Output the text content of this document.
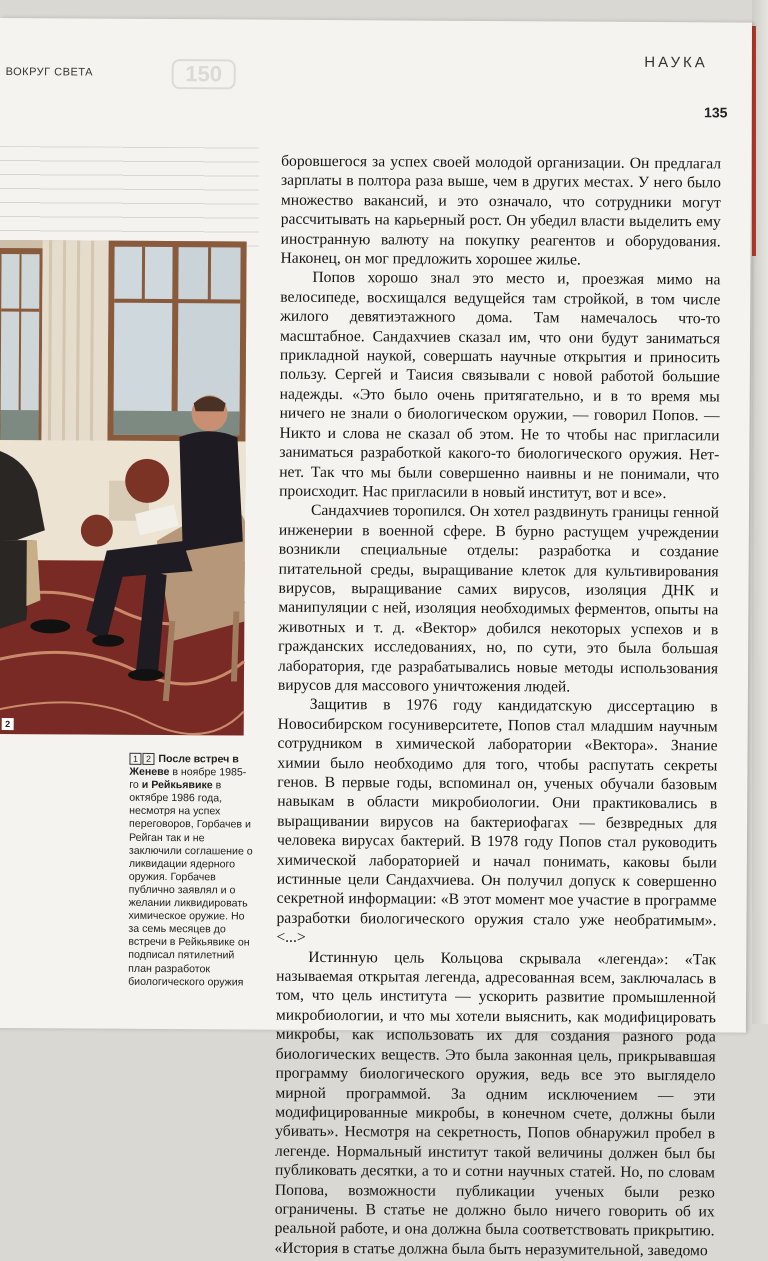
ВОКРУГ СВЕТА	150	НАУКА
135
2
1 2 После встреч в Женеве в ноябре 1985-го и Рейкьявике в октябре 1986 года, несмотря на успех переговоров, Горбачев и Рейган так и не заключили соглашение о ликвидации ядерного оружия. Горбачев публично заявлял и о желании ликвидировать химическое оружие. Но за семь месяцев до встречи в Рейкьявике он подписал пятилетний план разработок биологического оружия

боровшегося за успех своей молодой организации. Он предлагал зарплаты в полтора раза выше, чем в других местах. У него было множество вакансий, и это означало, что сотрудники могут рассчитывать на карьерный рост. Он убедил власти выделить ему иностранную валюту на покупку реагентов и оборудования. Наконец, он мог предложить хорошее жилье.

Попов хорошо знал это место и, проезжая мимо на велосипеде, восхищался ведущейся там стройкой, в том числе жилого девятиэтажного дома. Там намечалось что-то масштабное. Сандахчиев сказал им, что они будут заниматься прикладной наукой, совершать научные открытия и приносить пользу. Сергей и Таисия связывали с новой работой большие надежды. «Это было очень притягательно, и в то время мы ничего не знали о биологическом оружии, — говорил Попов. — Никто и слова не сказал об этом. Не то чтобы нас пригласили заниматься разработкой какого-то биологического оружия. Нет-нет. Так что мы были совершенно наивны и не понимали, что происходит. Нас пригласили в новый институт, вот и все».

Сандахчиев торопился. Он хотел раздвинуть границы генной инженерии в военной сфере. В бурно растущем учреждении возникли специальные отделы: разработка и создание питательной среды, выращивание клеток для культивирования вирусов, выращивание самих вирусов, изоляция ДНК и манипуляции с ней, изоляция необходимых ферментов, опыты на животных и т. д. «Вектор» добился некоторых успехов и в гражданских исследованиях, но, по сути, это была большая лаборатория, где разрабатывались новые методы использования вирусов для массового уничтожения людей.

Защитив в 1976 году кандидатскую диссертацию в Новосибирском госуниверситете, Попов стал младшим научным сотрудником в химической лаборатории «Вектора». Знание химии было необходимо для того, чтобы распутать секреты генов. В первые годы, вспоминал он, ученых обучали базовым навыкам в области микробиологии. Они практиковались в выращивании вирусов на бактериофагах — безвредных для человека вирусах бактерий. В 1978 году Попов стал руководить химической лабораторией и начал понимать, каковы были истинные цели Сандахчиева. Он получил допуск к совершенно секретной информации: «В этот момент мое участие в программе разработки биологического оружия стало уже необратимым». <...>

Истинную цель Кольцова скрывала «легенда»: «Так называемая открытая легенда, адресованная всем, заключалась в том, что цель института — ускорить развитие промышленной микробиологии, и что мы хотели выяснить, как модифицировать микробы, как использовать их для создания разного рода биологических веществ. Это была законная цель, прикрывавшая программу биологического оружия, ведь все это выглядело мирной программой. За одним исключением — эти модифицированные микробы, в конечном счете, должны были убивать». Несмотря на секретность, Попов обнаружил пробел в легенде. Нормальный институт такой величины должен был бы публиковать десятки, а то и сотни научных статей. Но, по словам Попова, возможности публикации ученых были резко ограничены. В статье не должно было ничего говорить об их реальной работе, и она должна была соответствовать прикрытию. «История в статье должна была быть неразумительной, заведомо
